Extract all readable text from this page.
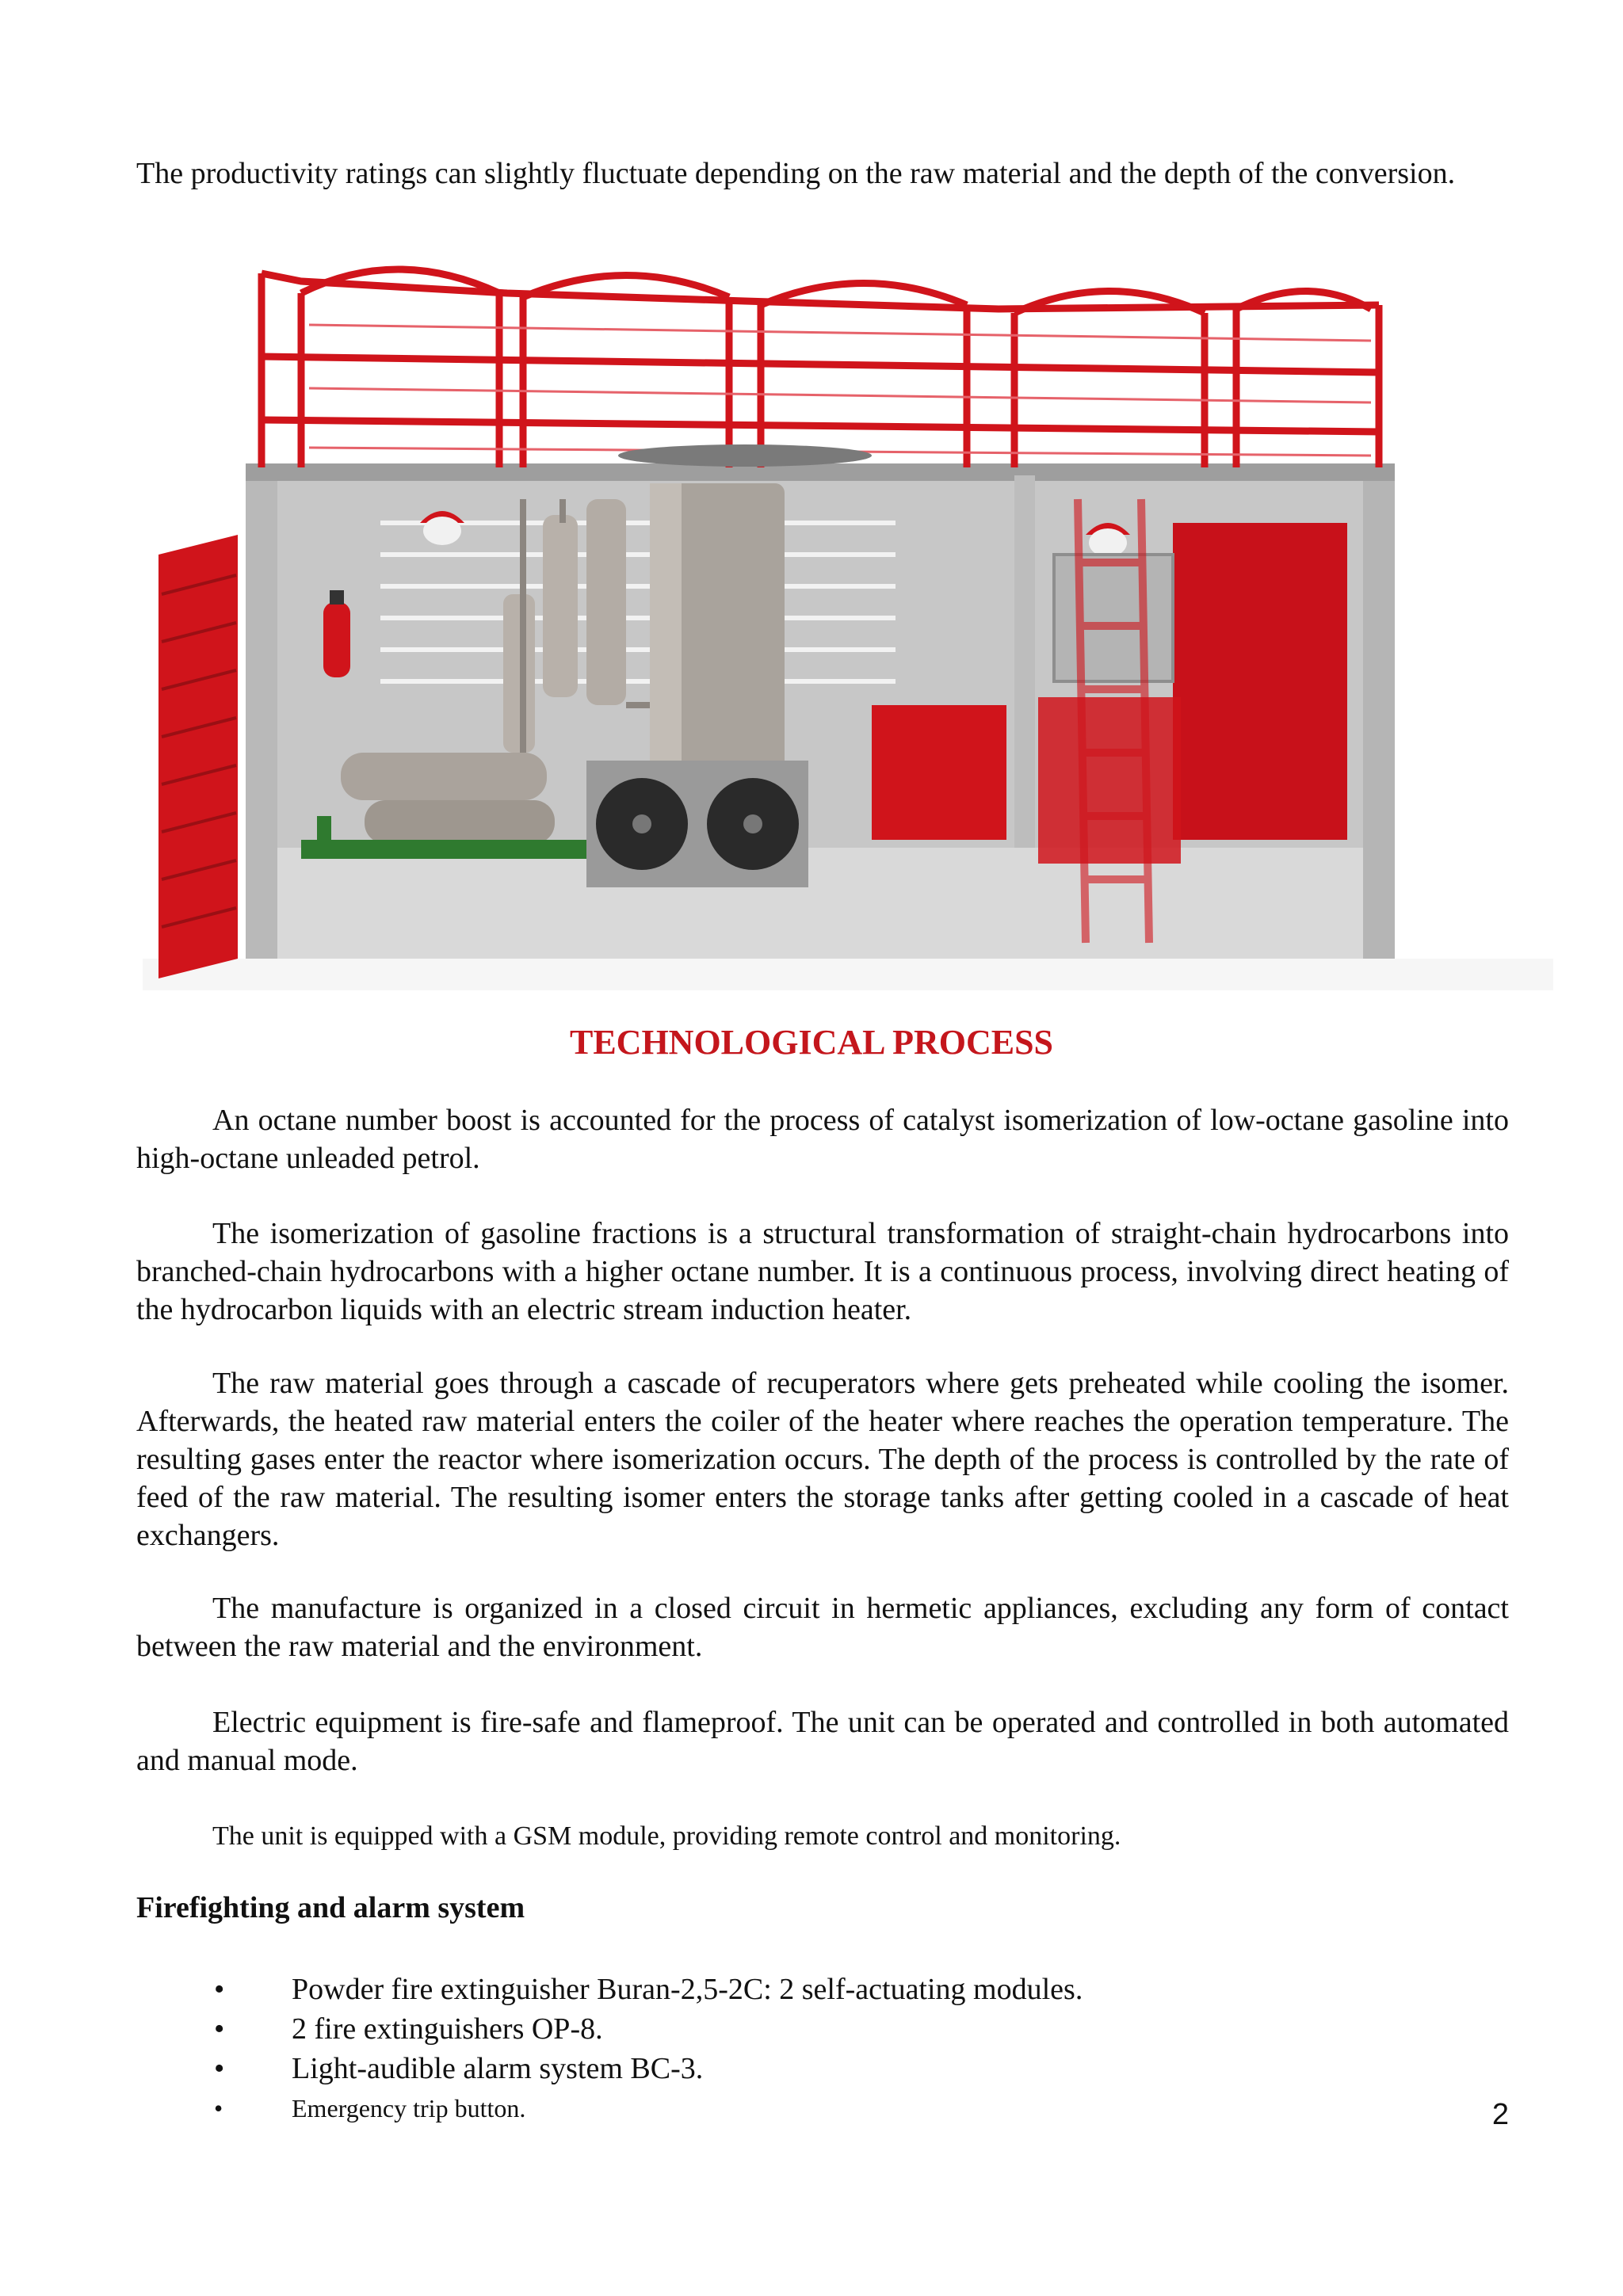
The productivity ratings can slightly fluctuate depending on the raw material and the depth of the conversion.

TECHNOLOGICAL PROCESS

An octane number boost is accounted for the process of catalyst isomerization of low-octane gasoline into high-octane unleaded petrol.

The isomerization of gasoline fractions is a structural transformation of straight-chain hydrocarbons into branched-chain hydrocarbons with a higher octane number. It is a continuous process, involving direct heating of the hydrocarbon liquids with an electric stream induction heater.

The raw material goes through a cascade of recuperators where gets preheated while cooling the isomer. Afterwards, the heated raw material enters the coiler of the heater where reaches the operation temperature. The resulting gases enter the reactor where isomerization occurs. The depth of the process is controlled by the rate of feed of the raw material. The resulting isomer enters the storage tanks after getting cooled in a cascade of heat exchangers.

The manufacture is organized in a closed circuit in hermetic appliances, excluding any form of contact between the raw material and the environment.

Electric equipment is fire-safe and flameproof. The unit can be operated and controlled in both automated and manual mode.

The unit is equipped with a GSM module, providing remote control and monitoring.

Firefighting and alarm system
• Powder fire extinguisher Buran-2,5-2C: 2 self-actuating modules.
• 2 fire extinguishers OP-8.
• Light-audible alarm system BC-3.
•	Emergency trip button.	2
